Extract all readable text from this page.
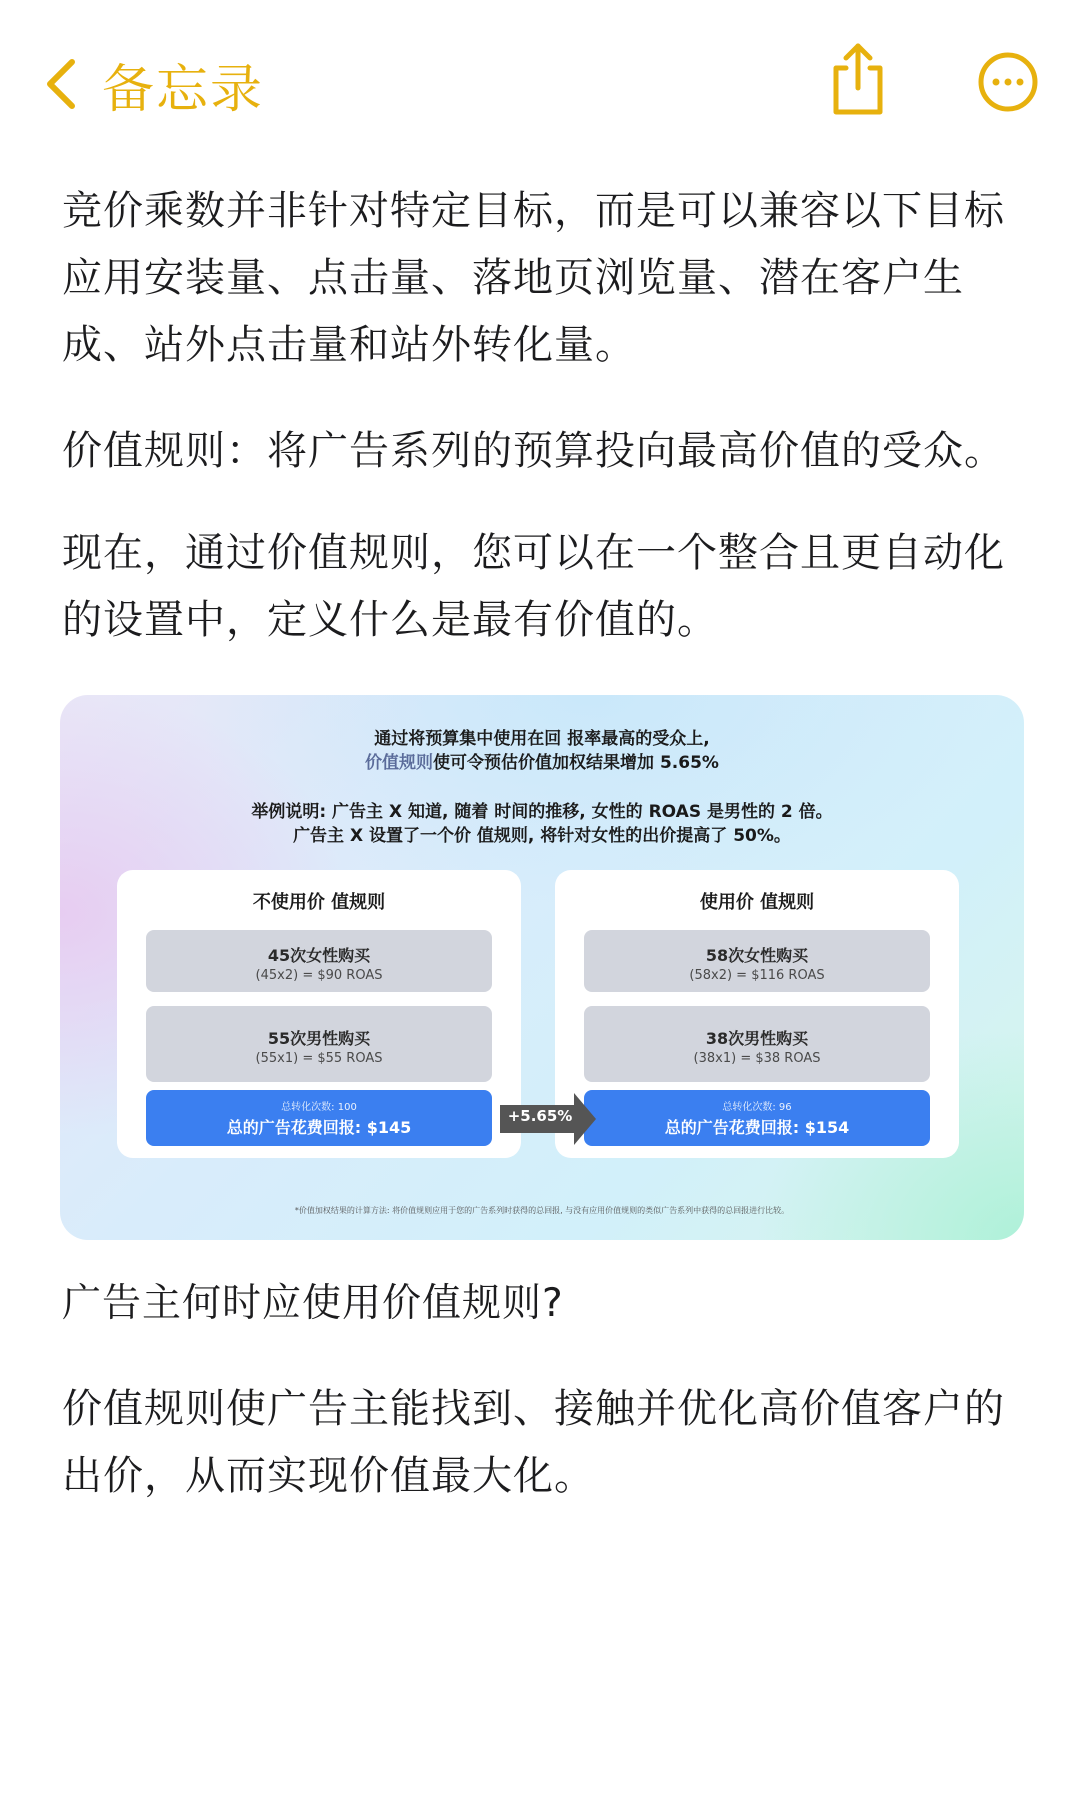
备忘录

竞价乘数并非针对特定目标，而是可以兼容以下目标应用安装量、点击量、落地页浏览量、潜在客户生成、站外点击量和站外转化量。

价值规则：将广告系列的预算投向最高价值的受众。

现在，通过价值规则，您可以在一个整合且更自动化的设置中，定义什么是最有价值的。

通过将预算集中使用在回 报率最高的受众上,
价值规则使可令预估价值加权结果增加 5.65%
举例说明: 广告主 X 知道, 随着 时间的推移, 女性的 ROAS 是男性的 2 倍。
广告主 X 设置了一个价 值规则, 将针对女性的出价提高了 50%。
不使用价 值规则
45次女性购买
(45x2) = $90 ROAS
55次男性购买
(55x1) = $55 ROAS
总转化次数: 100
总的广告花费回报: $145
使用价 值规则
58次女性购买
(58x2) = $116 ROAS
38次男性购买
(38x1) = $38 ROAS
总转化次数: 96
总的广告花费回报: $154
+5.65%
*价值加权结果的计算方法: 将价值规则应用于您的广告系列时获得的总回报, 与没有应用价值规则的类似广告系列中获得的总回报进行比较。

广告主何时应使用价值规则?

价值规则使广告主能找到、接触并优化高价值客户的出价，从而实现价值最大化。
